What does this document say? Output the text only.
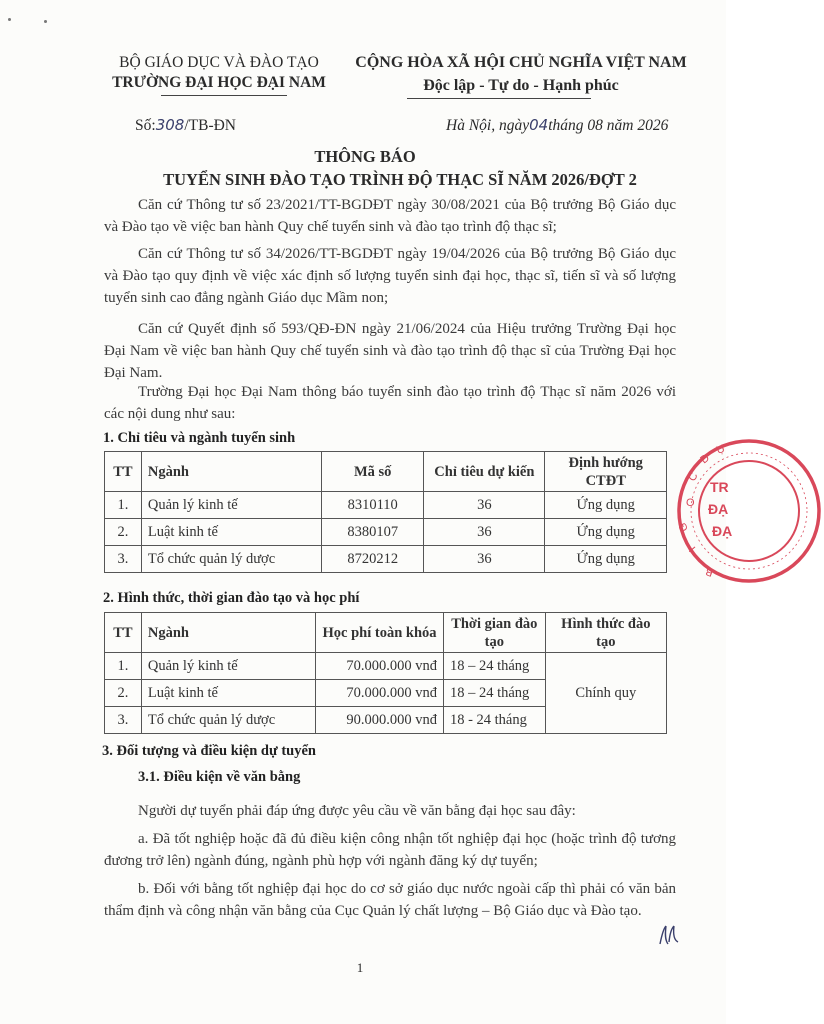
BỘ GIÁO DỤC VÀ ĐÀO TẠO
TRƯỜNG ĐẠI HỌC ĐẠI NAM
CỘNG HÒA XÃ HỘI CHỦ NGHĨA VIỆT NAM
Độc lập - Tự do - Hạnh phúc
Số:308/TB-ĐN	Hà Nội, ngày04tháng 08 năm 2026
THÔNG BÁO
TUYỂN SINH ĐÀO TẠO TRÌNH ĐỘ THẠC SĨ NĂM 2026/ĐỢT 2
Căn cứ Thông tư số 23/2021/TT-BGDĐT ngày 30/08/2021 của Bộ trưởng Bộ Giáo dục và Đào tạo về việc ban hành Quy chế tuyển sinh và đào tạo trình độ thạc sĩ;
Căn cứ Thông tư số 34/2026/TT-BGDĐT ngày 19/04/2026 của Bộ trưởng Bộ Giáo dục và Đào tạo quy định về việc xác định số lượng tuyển sinh đại học, thạc sĩ, tiến sĩ và số lượng tuyển sinh cao đẳng ngành Giáo dục Mầm non;
Căn cứ Quyết định số 593/QĐ-ĐN ngày 21/06/2024 của Hiệu trưởng Trường Đại học Đại Nam về việc ban hành Quy chế tuyển sinh và đào tạo trình độ thạc sĩ của Trường Đại học Đại Nam.
Trường Đại học Đại Nam thông báo tuyển sinh đào tạo trình độ Thạc sĩ năm 2026 với các nội dung như sau:
1. Chỉ tiêu và ngành tuyển sinh
TT	Ngành	Mã số	Chỉ tiêu dự kiến	Định hướng CTĐT
1.	Quản lý kinh tế	8310110	36	Ứng dụng
2.	Luật kinh tế	8380107	36	Ứng dụng
3.	Tổ chức quản lý dược	8720212	36	Ứng dụng
2. Hình thức, thời gian đào tạo và học phí
TT	Ngành	Học phí toàn khóa	Thời gian đào tạo	Hình thức đào tạo
1.	Quản lý kinh tế	70.000.000 vnđ	18 – 24 tháng	Chính quy
2.	Luật kinh tế	70.000.000 vnđ	18 – 24 tháng	
3.	Tổ chức quản lý dược	90.000.000 vnđ	18 - 24 tháng	
3. Đối tượng và điều kiện dự tuyển
3.1. Điều kiện về văn bằng
Người dự tuyển phải đáp ứng được yêu cầu về văn bằng đại học sau đây:
a. Đã tốt nghiệp hoặc đã đủ điều kiện công nhận tốt nghiệp đại học (hoặc trình độ tương đương trở lên) ngành đúng, ngành phù hợp với ngành đăng ký dự tuyển;
b. Đối với bằng tốt nghiệp đại học do cơ sở giáo dục nước ngoài cấp thì phải có văn bản thẩm định và công nhận văn bằng của Cục Quản lý chất lượng – Bộ Giáo dục và Đào tạo.
1
D
Ụ
C
O
G
I
TR
ĐẠ
ĐẠ
B
